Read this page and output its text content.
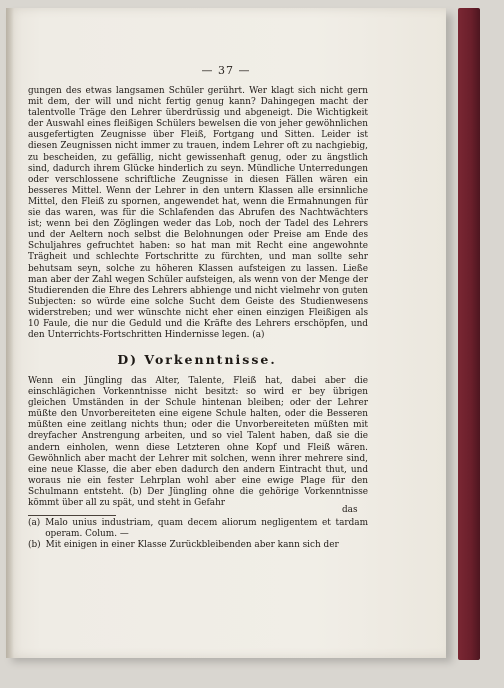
— 37 —

gungen des etwas langsamen Schüler gerührt. Wer klagt sich nicht gern mit dem, der will und nicht fertig genug kann? Dahingegen macht der talentvolle Träge den Lehrer überdrüssig und abgeneigt. Die Wichtigkeit der Auswahl eines fleißigen Schülers bewelsen die von jeher gewöhnlichen ausgefertigten Zeugnisse über Fleiß, Fortgang und Sitten. Leider ist diesen Zeugnissen nicht immer zu trauen, indem Lehrer oft zu nachgiebig, zu bescheiden, zu gefällig, nicht gewissenhaft genug, oder zu ängstlich sind, dadurch ihrem Glücke hinderlich zu seyn. Mündliche Unterredungen oder verschlossene schriftliche Zeugnisse in diesen Fällen wären ein besseres Mittel. Wenn der Lehrer in den untern Klassen alle ersinnliche Mittel, den Fleiß zu spornen, angewendet hat, wenn die Ermahnungen für sie das waren, was für die Schlafenden das Abrufen des Nachtwächters ist; wenn bei den Zöglingen weder das Lob, noch der Tadel des Lehrers und der Aeltern noch selbst die Belohnungen oder Preise am Ende des Schuljahres gefruchtet haben: so hat man mit Recht eine angewohnte Trägheit und schlechte Fortschritte zu fürchten, und man sollte sehr behutsam seyn, solche zu höheren Klassen aufsteigen zu lassen. Ließe man aber der Zahl wegen Schüler aufsteigen, als wenn von der Menge der Studierenden die Ehre des Lehrers abhienge und nicht vielmehr von guten Subjecten: so würde eine solche Sucht dem Geiste des Studienwesens widerstreben; und wer wünschte nicht eher einen einzigen Fleißigen als 10 Faule, die nur die Geduld und die Kräfte des Lehrers erschöpfen, und den Unterrichts-Fortschritten Hindernisse legen. (a)

D) Vorkenntnisse.

Wenn ein Jüngling das Alter, Talente, Fleiß hat, dabei aber die einschlägichen Vorkenntnisse nicht besitzt: so wird er bey übrigen gleichen Umständen in der Schule hintenan bleiben; oder der Lehrer müßte den Unvorbereiteten eine eigene Schule halten, oder die Besseren müßten eine zeitlang nichts thun; oder die Unvorbereiteten müßten mit dreyfacher Anstrengung arbeiten, und so viel Talent haben, daß sie die andern einholen, wenn diese Letzteren ohne Kopf und Fleiß wären. Gewöhnlich aber macht der Lehrer mit solchen, wenn ihrer mehrere sind, eine neue Klasse, die aber eben dadurch den andern Eintracht thut, und woraus nie ein fester Lehrplan wohl aber eine ewige Plage für den Schulmann entsteht. (b) Der Jüngling ohne die gehörige Vorkenntnisse kömmt über all zu spät, und steht in Gefahr

das
(a) Malo unius industriam, quam decem aliorum negligentem et tardam operam. Colum. —
(b) Mit einigen in einer Klasse Zurückbleibenden aber kann sich der
